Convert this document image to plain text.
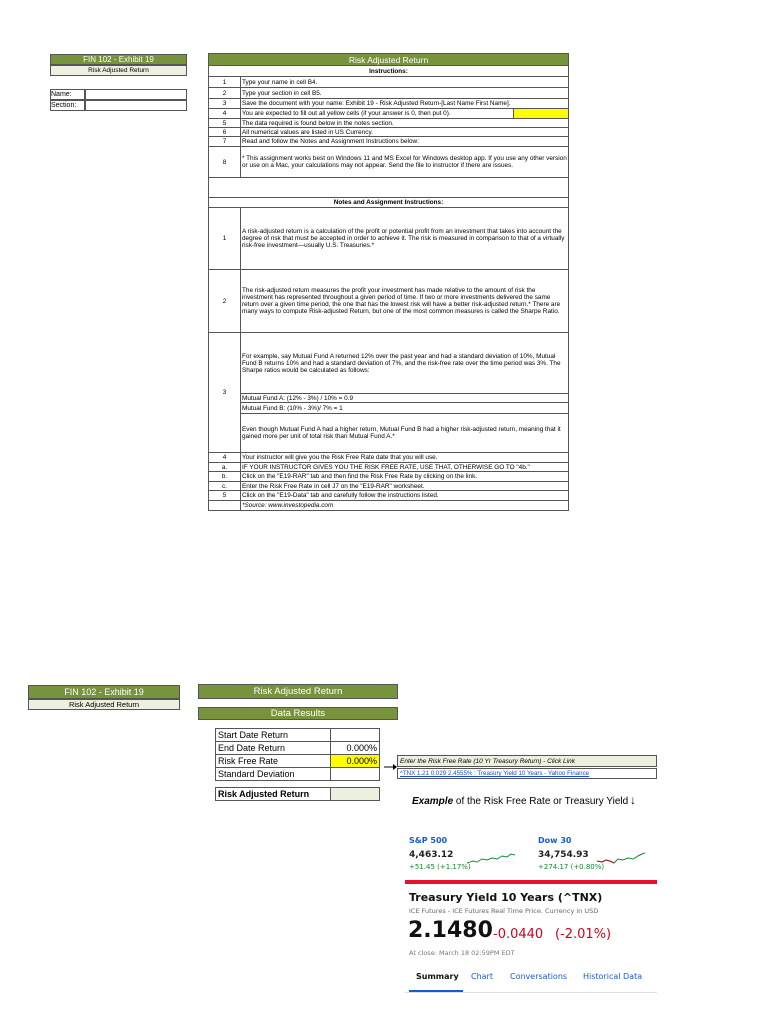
FIN 102 - Exhibit 19
Risk Adjusted Return
Name:
Section:
Risk Adjusted Return
Instructions:	
1	Type your name in cell B4.
2	Type your section in cell B5.
3	Save the document with your name: Exhibit 19 - Risk Adjusted Return-[Last Name First Name].
4	You are expected to fill out all yellow cells (if your answer is 0, then put 0).

5	The data required is found below in the notes section.
6	All numerical values are listed in US Currency.
7	Read and follow the Notes and Assignment Instructions below:
8	* This assignment works best on Windows 11 and MS Excel for Windows desktop app. If you use any other version or use on a Mac, your calculations may not appear. Send the file to instructor if there are issues.

Notes and Assignment Instructions:	
1	A risk-adjusted return is a calculation of the profit or potential profit from an investment that takes into account the degree of risk that must be accepted in order to achieve it. The risk is measured in comparison to that of a virtually risk-free investment—usually U.S. Treasuries.*
2	The risk-adjusted return measures the profit your investment has made relative to the amount of risk the investment has represented throughout a given period of time. If two or more investments delivered the same return over a given time period, the one that has the lowest risk will have a better risk-adjusted return.* There are many ways to compute Risk-adjusted Return, but one of the most common measures is called the Sharpe Ratio.
3	For example, say Mutual Fund A returned 12% over the past year and had a standard deviation of 10%, Mutual Fund B returns 10% and had a standard deviation of 7%, and the risk-free rate over the time period was 3%. The Sharpe ratios would be calculated as follows:
	Mutual Fund A: (12% - 3%) / 10% = 0.9
	Mutual Fund B: (10% - 3%)/ 7% = 1
	Even though Mutual Fund A had a higher return, Mutual Fund B had a higher risk-adjusted return, meaning that it gained more per unit of total risk than Mutual Fund A.*
4	Your instructor will give you the Risk Free Rate date that you will use.
a.	IF YOUR INSTRUCTOR GIVES YOU THE RISK FREE RATE, USE THAT, OTHERWISE GO TO "4b."
b.	Click on the "E19-RAR" tab and then find the Risk Free Rate by clicking on the link.
c.	Enter the Risk Free Rate in cell J7 on the "E19-RAR" worksheet.
5	Click on the "E19-Data" tab and carefully follow the instructions listed.
	*Source: www.investopedia.com
FIN 102 - Exhibit 19
Risk Adjusted Return
Risk Adjusted Return
Data Results
Start Date Return	
End Date Return	0.000%
Risk Free Rate	0.000%
Standard Deviation	

Risk Adjusted Return	
Enter the Risk Free Rate (10 Yr Treasury Return) - Click Link
^TNX 1.21 0.029 2.4555% : Treasury Yield 10 Years - Yahoo Finance
Example of the Risk Free Rate or Treasury Yield ↓
S&P 500
4,463.12
+51.45 (+1.17%)
Dow 30
34,754.93
+274.17 (+0.80%)
Treasury Yield 10 Years (^TNX)
ICE Futures - ICE Futures Real Time Price. Currency in USD
2.1480 -0.0440 (-2.01%)
At close: March 18 02:59PM EDT
Summary Chart Conversations Historical Data
